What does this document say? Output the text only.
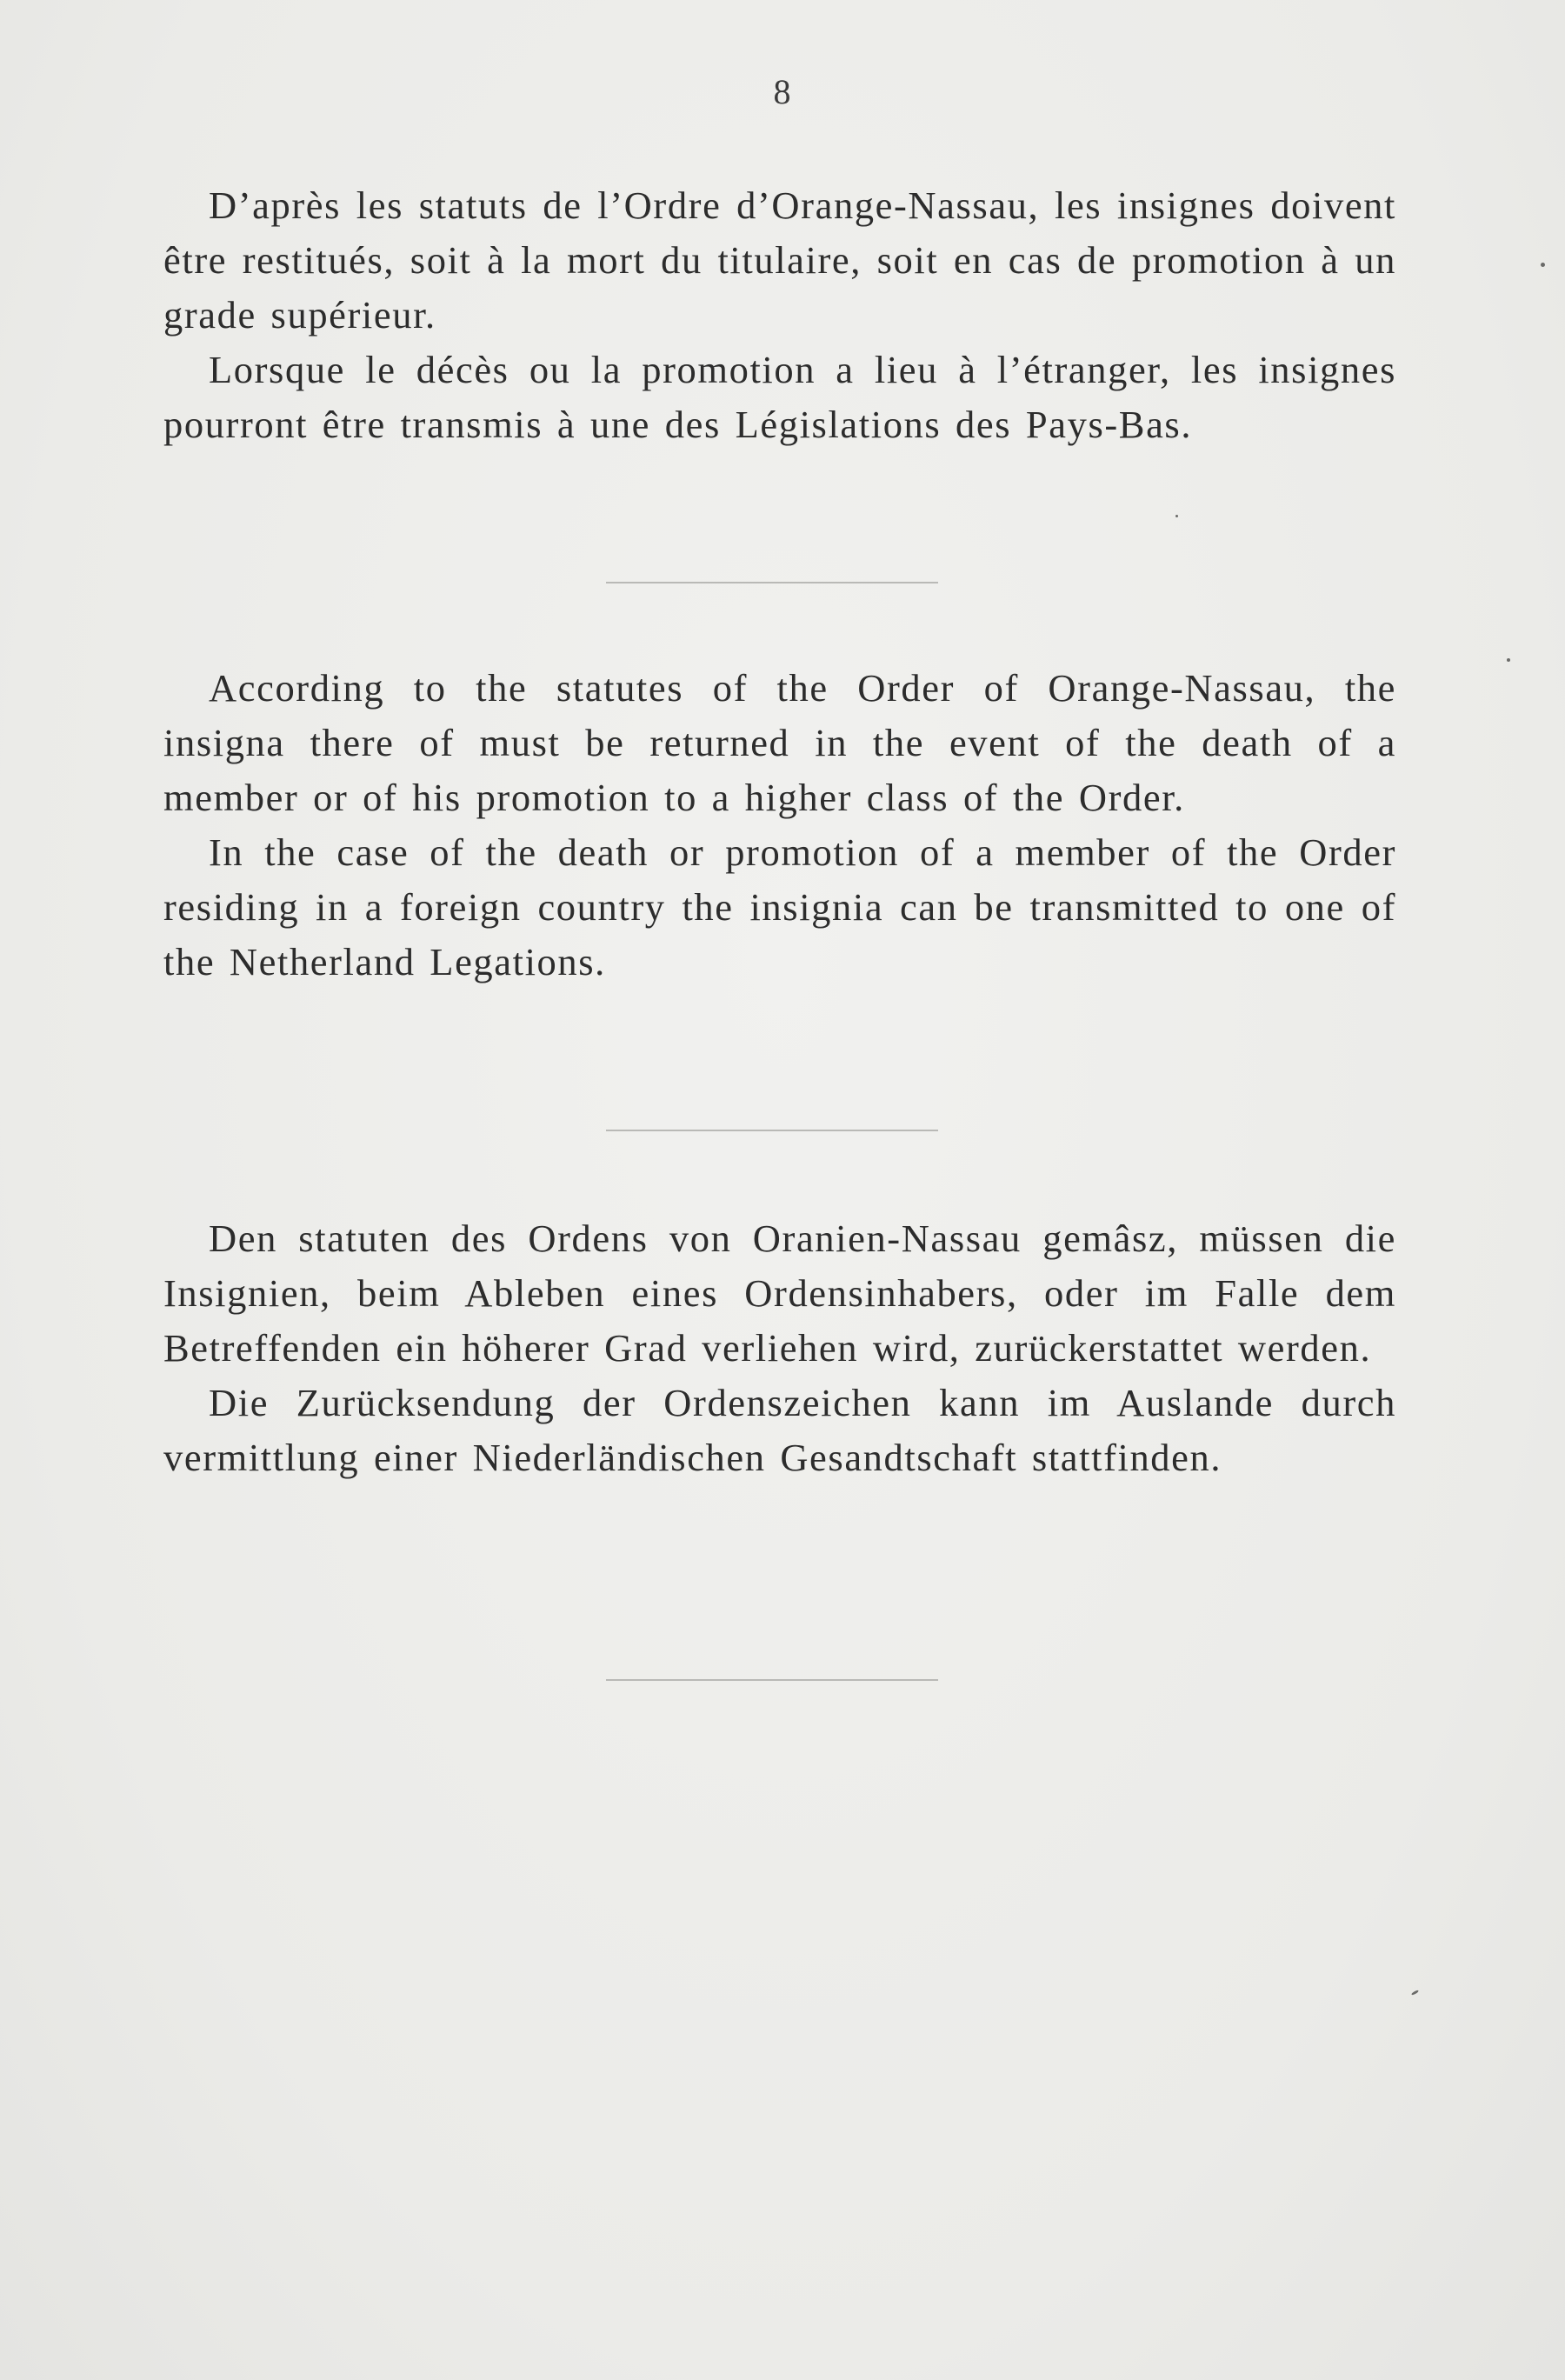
8

D’après les statuts de l’Ordre d’Orange-Nassau, les insignes doivent être restitués, soit à la mort du titulaire, soit en cas de promotion à un grade supérieur.

Lorsque le décès ou la promotion a lieu à l’étranger, les insignes pourront être transmis à une des Législations des Pays-Bas.

According to the statutes of the Order of Orange-Nassau, the insigna there of must be returned in the event of the death of a member or of his promotion to a higher class of the Order.

In the case of the death or promotion of a member of the Order residing in a foreign country the insignia can be transmitted to one of the Netherland Legations.

Den statuten des Ordens von Oranien-Nassau gemâsz, müssen die Insignien, beim Ableben eines Ordensinhabers, oder im Falle dem Betreffenden ein höherer Grad verliehen wird, zurückerstattet werden.

Die Zurücksendung der Ordenszeichen kann im Auslande durch vermittlung einer Niederländischen Gesandtschaft stattfinden.
